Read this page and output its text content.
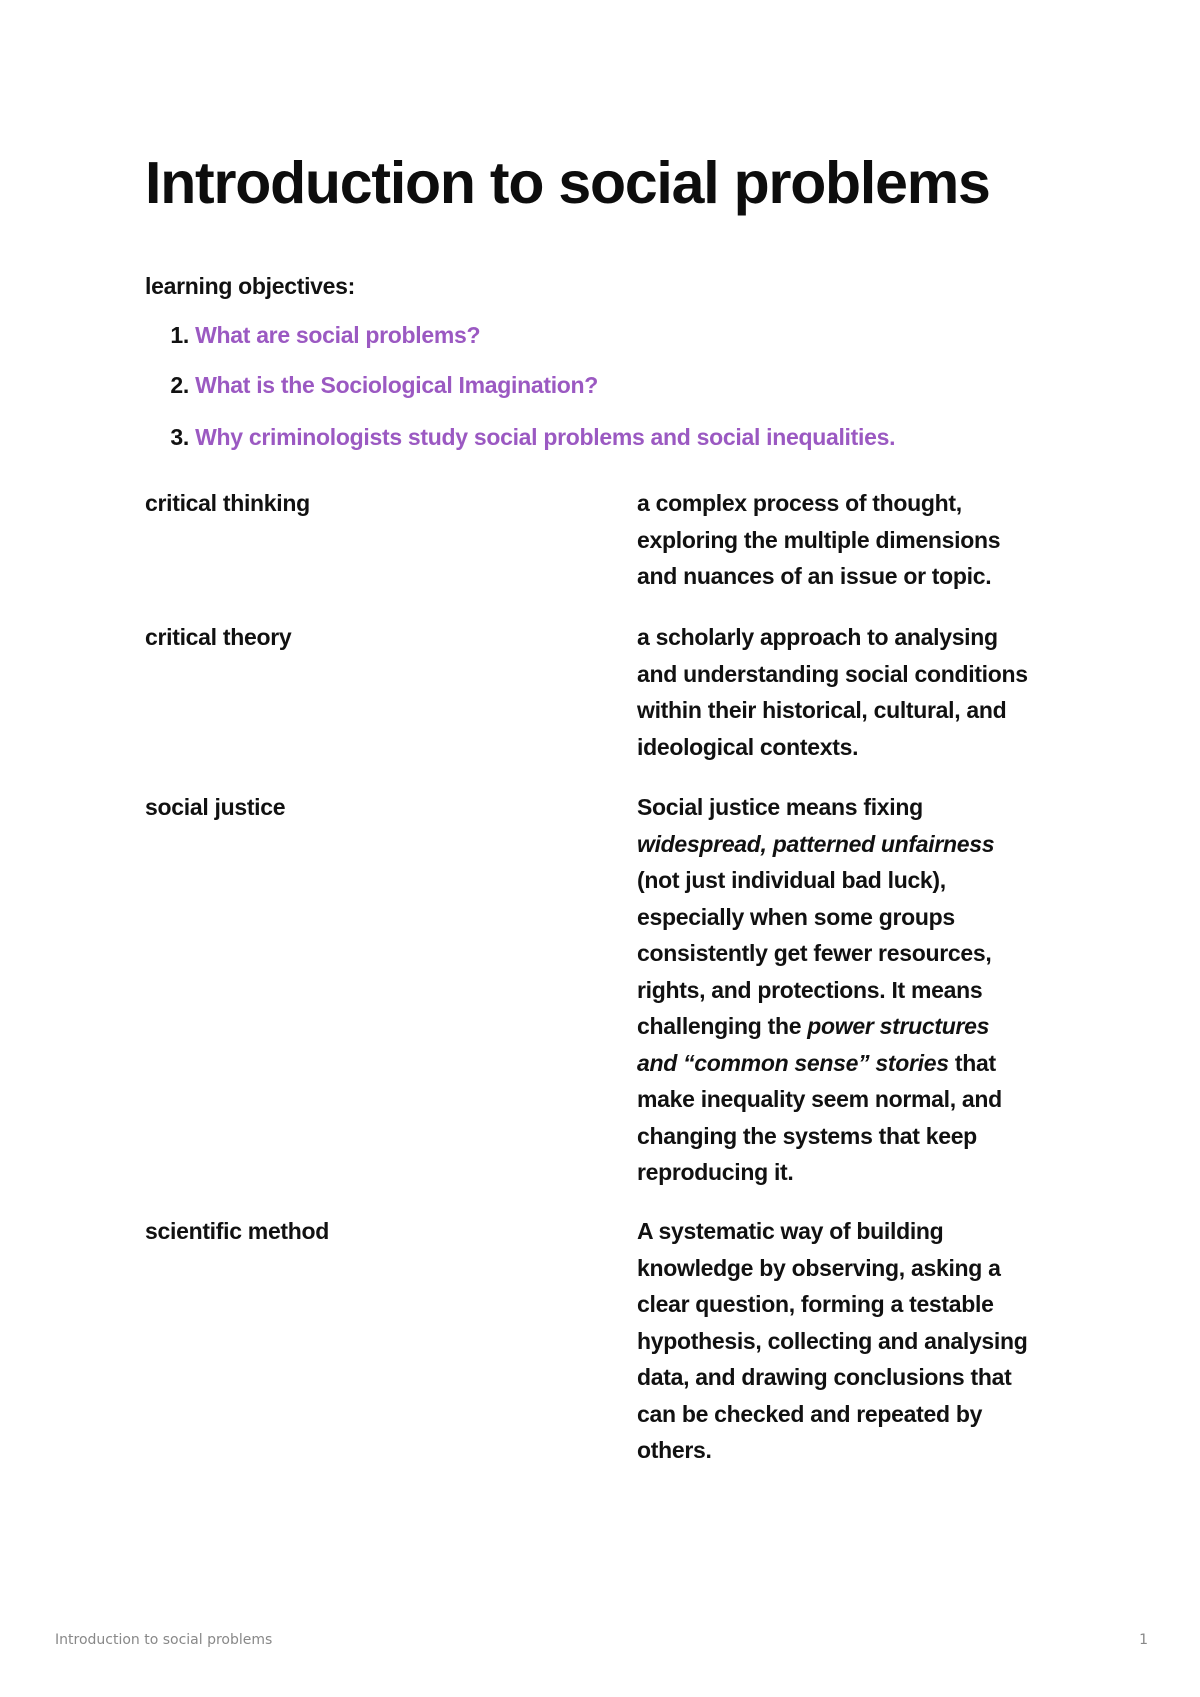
Introduction to social problems
learning objectives:
1. What are social problems?
2. What is the Sociological Imagination?
3. Why criminologists study social problems and social inequalities.
critical thinking	a complex process of thought,
exploring the multiple dimensions
and nuances of an issue or topic.
critical theory	a scholarly approach to analysing
and understanding social conditions
within their historical, cultural, and
ideological contexts.
social justice	Social justice means fixing
widespread, patterned unfairness
(not just individual bad luck),
especially when some groups
consistently get fewer resources,
rights, and protections. It means
challenging the power structures
and “common sense” stories that
make inequality seem normal, and
changing the systems that keep
reproducing it.
scientific method	A systematic way of building
knowledge by observing, asking a
clear question, forming a testable
hypothesis, collecting and analysing
data, and drawing conclusions that
can be checked and repeated by
others.
Introduction to social problems	1
